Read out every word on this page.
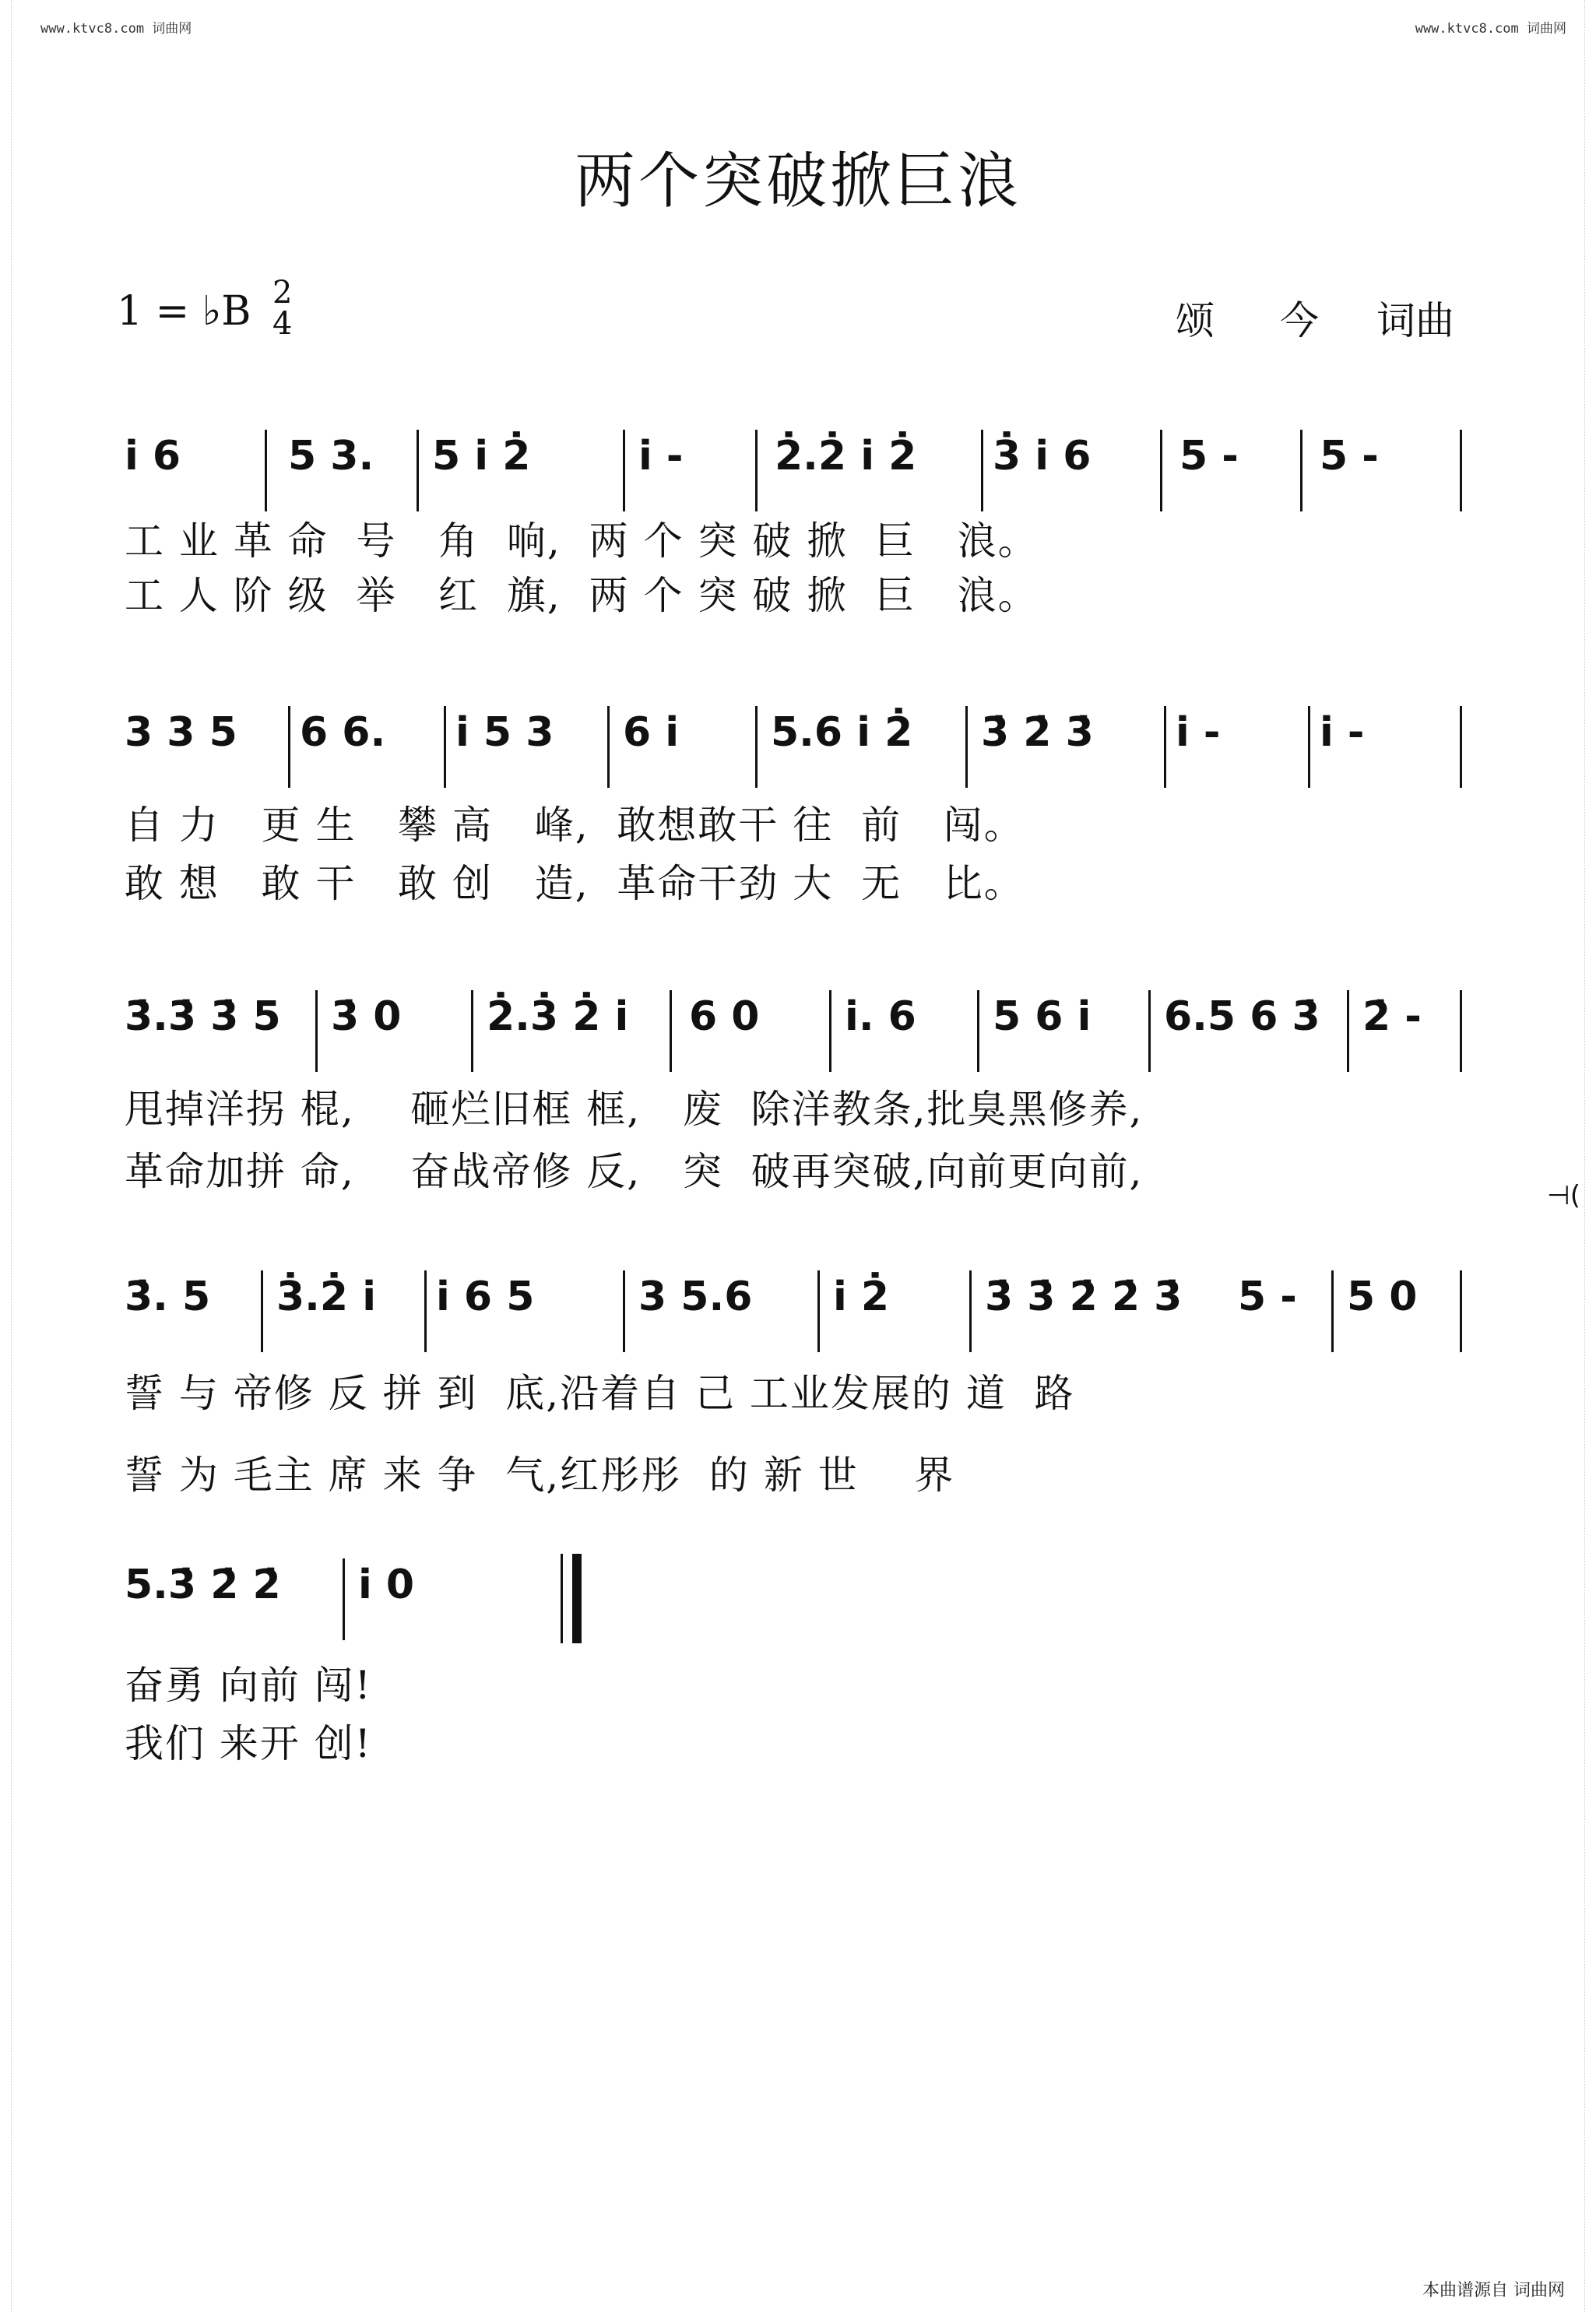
www.ktvc8.com 词曲网	www.ktvc8.com 词曲网
两个突破掀巨浪
1 = ♭B 2
4	颂今词曲
i̇ 6	5 3. 5 i̇ 2̇	i̇ - 2̇.2̇ i̇ 2̇ 3̇ i̇ 6 5 - 5 -
工 业 革 命  号   角  响,  两 个 突 破 掀  巨   浪。
工 人 阶 级  举   红  旗,  两 个 突 破 掀  巨   浪。
3 3 5 6 6. i̇ 5 3 6 i̇ 5.6 i̇ 2̇ 3̇ 2̇ 3̇ i̇ - i̇ -
自 力   更 生   攀 高   峰,  敢想敢干 往  前   闯。
敢 想   敢 干   敢 创   造,  革命干劲 大  无   比。
3̇.3̇ 3̇ 5 3̇ 0 2̇.3̇ 2̇ i̇ 6 0 i̇. 6 5 6 i̇ 6.5 6 3̇ 2̇ -
甩掉洋拐 棍,    砸烂旧框 框,   废  除洋教条,批臭黑修养,
革命加拼 命,    奋战帝修 反,   突  破再突破,向前更向前,
⊣(
3̇. 5 3̇.2̇ i̇ i̇ 6 5	3 5.6 i̇ 2̇ 3̇ 3̇ 2̇ 2̇ 3̇ 5 - 5 0
誓 与 帝修 反 拼 到  底,沿着自 己 工业发展的 道  路
誓 为 毛主 席 来 争  气,红彤彤  的 新 世    界
5.3̇ 2̇ 2̇ i̇ 0
奋勇 向前 闯!
我们 来开 创!
本曲谱源自 词曲网
